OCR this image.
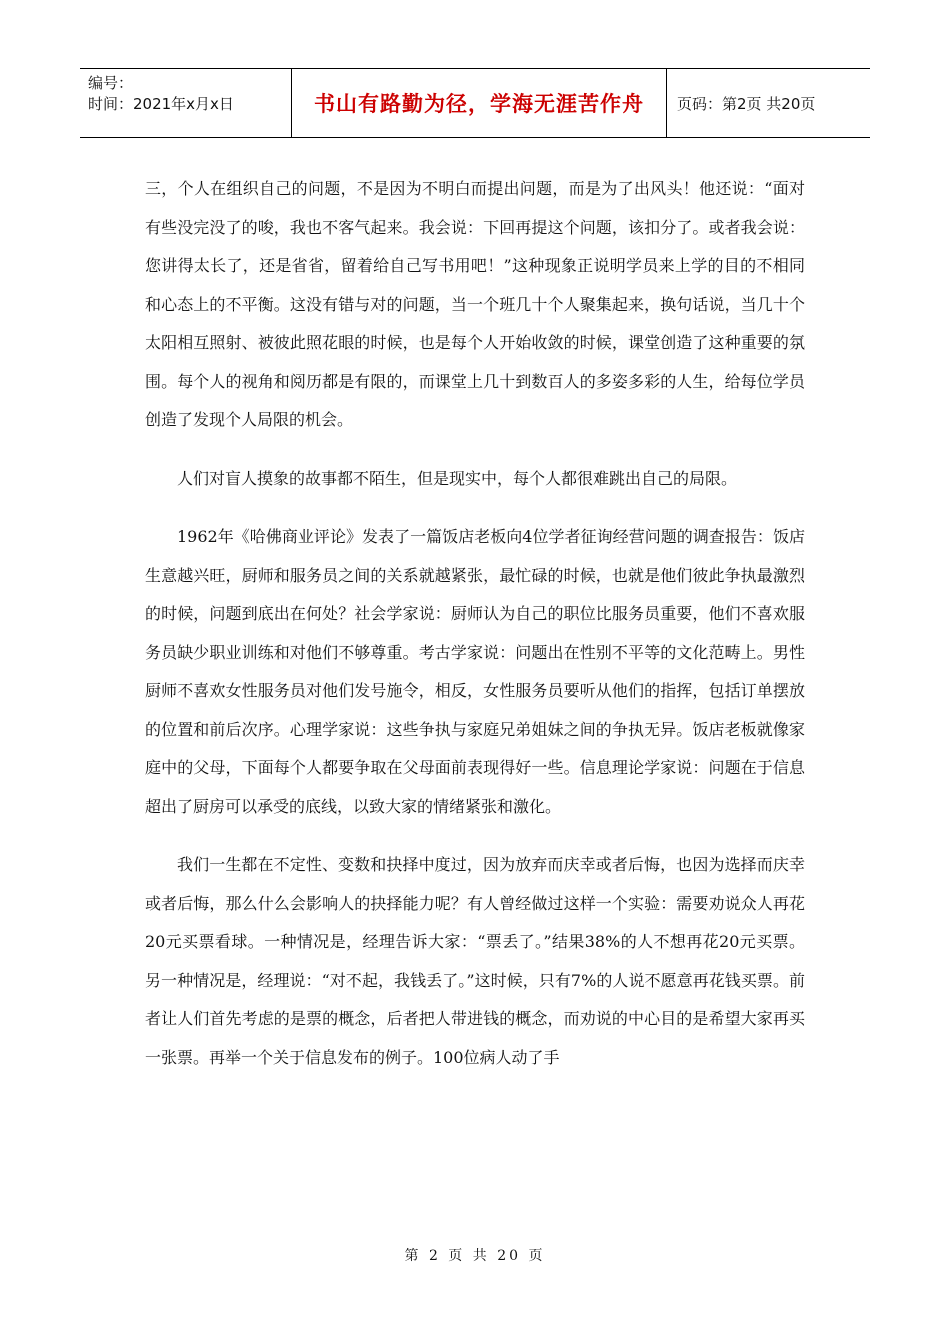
编号：
时间：2021年x月x日	书山有路勤为径，学海无涯苦作舟	页码：第2页 共20页

三，个人在组织自己的问题，不是因为不明白而提出问题，而是为了出风头！他还说：“面对有些没完没了的唆，我也不客气起来。我会说：下回再提这个问题，该扣分了。或者我会说：您讲得太长了，还是省省，留着给自己写书用吧！”这种现象正说明学员来上学的目的不相同和心态上的不平衡。这没有错与对的问题，当一个班几十个人聚集起来，换句话说，当几十个太阳相互照射、被彼此照花眼的时候，也是每个人开始收敛的时候，课堂创造了这种重要的氛围。每个人的视角和阅历都是有限的，而课堂上几十到数百人的多姿多彩的人生，给每位学员创造了发现个人局限的机会。

人们对盲人摸象的故事都不陌生，但是现实中，每个人都很难跳出自己的局限。

1962年《哈佛商业评论》发表了一篇饭店老板向4位学者征询经营问题的调查报告：饭店生意越兴旺，厨师和服务员之间的关系就越紧张，最忙碌的时候，也就是他们彼此争执最激烈的时候，问题到底出在何处？社会学家说：厨师认为自己的职位比服务员重要，他们不喜欢服务员缺少职业训练和对他们不够尊重。考古学家说：问题出在性别不平等的文化范畴上。男性厨师不喜欢女性服务员对他们发号施令，相反，女性服务员要听从他们的指挥，包括订单摆放的位置和前后次序。心理学家说：这些争执与家庭兄弟姐妹之间的争执无异。饭店老板就像家庭中的父母，下面每个人都要争取在父母面前表现得好一些。信息理论学家说：问题在于信息超出了厨房可以承受的底线，以致大家的情绪紧张和激化。

我们一生都在不定性、变数和抉择中度过，因为放弃而庆幸或者后悔，也因为选择而庆幸或者后悔，那么什么会影响人的抉择能力呢？有人曾经做过这样一个实验：需要劝说众人再花20元买票看球。一种情况是，经理告诉大家：“票丢了。”结果38%的人不想再花20元买票。另一种情况是，经理说：“对不起，我钱丢了。”这时候，只有7%的人说不愿意再花钱买票。前者让人们首先考虑的是票的概念，后者把人带进钱的概念，而劝说的中心目的是希望大家再买一张票。再举一个关于信息发布的例子。100位病人动了手

第 2 页 共 20 页
